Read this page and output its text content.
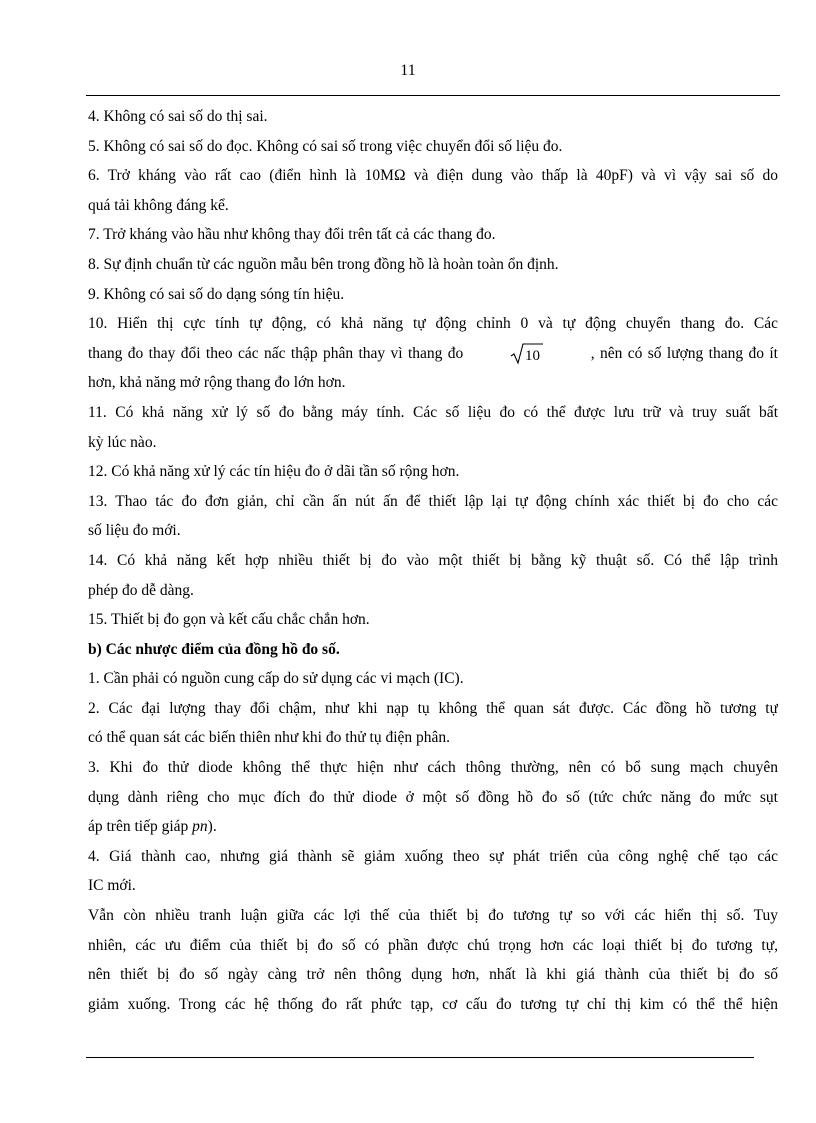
11
4. Không có sai số do thị sai.
5. Không có sai số do đọc. Không có sai số trong việc chuyển đổi số liệu đo.
6. Trở kháng vào rất cao (điển hình là 10MΩ và điện dung vào thấp là 40pF) và vì vậy sai số do
quá tải không đáng kể.
7. Trở kháng vào hầu như không thay đổi trên tất cả các thang đo.
8. Sự định chuẩn từ các nguồn mẫu bên trong đồng hồ là hoàn toàn ổn định.
9. Không có sai số do dạng sóng tín hiệu.
10. Hiển thị cực tính tự động, có khả năng tự động chỉnh 0 và tự động chuyển thang đo. Các
thang đo thay đổi theo các nấc thập phân thay vì thang đo	10	, nên có số lượng thang đo ít
hơn, khả năng mở rộng thang đo lớn hơn.
11. Có khả năng xử lý số đo bằng máy tính. Các số liệu đo có thể được lưu trữ và truy suất bất
kỳ lúc nào.
12. Có khả năng xử lý các tín hiệu đo ở dãi tần số rộng hơn.
13. Thao tác đo đơn giản, chỉ cần ấn nút ấn để thiết lập lại tự động chính xác thiết bị đo cho các
số liệu đo mới.
14. Có khả năng kết hợp nhiều thiết bị đo vào một thiết bị bằng kỹ thuật số. Có thể lập trình
phép đo dễ dàng.
15. Thiết bị đo gọn và kết cấu chắc chắn hơn.
b) Các nhược điểm của đồng hồ đo số.
1. Cần phải có nguồn cung cấp do sử dụng các vi mạch (IC).
2. Các đại lượng thay đổi chậm, như khi nạp tụ không thể quan sát được. Các đồng hồ tương tự
có thể quan sát các biến thiên như khi đo thử tụ điện phân.
3. Khi đo thử diode không thể thực hiện như cách thông thường, nên có bổ sung mạch chuyên
dụng dành riêng cho mục đích đo thử diode ở một số đồng hồ đo số (tức chức năng đo mức sụt
áp trên tiếp giáp pn).
4. Giá thành cao, nhưng giá thành sẽ giảm xuống theo sự phát triển của công nghệ chế tạo các
IC mới.
Vẫn còn nhiều tranh luận giữa các lợi thế của thiết bị đo tương tự so với các hiển thị số. Tuy
nhiên, các ưu điểm của thiết bị đo số có phần được chú trọng hơn các loại thiết bị đo tương tự,
nên thiết bị đo số ngày càng trở nên thông dụng hơn, nhất là khi giá thành của thiết bị đo số
giảm xuống. Trong các hệ thống đo rất phức tạp, cơ cấu đo tương tự chỉ thị kim có thể thể hiện
